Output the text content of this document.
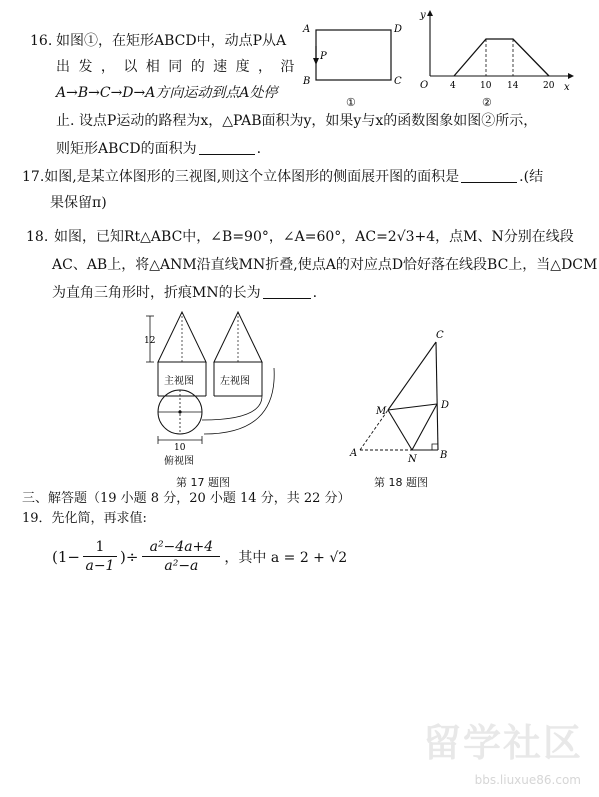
16. 如图①，在矩形ABCD中，动点P从A
出 发 ， 以 相 同 的 速 度 ， 沿
A→B→C→D→A方向运动到点A处停
止. 设点P运动的路程为x，△PAB面积为y，如果y与x的函数图象如图②所示，
则矩形ABCD的面积为	.
A
B	C
D
P
①
y
x
O 4	10 14	20
②
17.如图,是某立体图形的三视图,则这个立体图形的侧面展开图的面积是	.(结
果保留π)
18. 如图，已知Rt△ABC中，∠B=90°，∠A=60°，AC=2√3+4，点M、N分别在线段
AC、AB上，将△ANM沿直线MN折叠,使点A的对应点D恰好落在线段BC上，当△DCM
为直角三角形时，折痕MN的长为	.
12
主视图	左视图
10
俯视图
第 17 题图
C
D
M
A
N B
第 18 题图
三、解答题（19 小题 8 分，20 小题 14 分，共 22 分）
19．先化简，再求值:
(1−
1
a−1
)÷
a²−4a+4
a²−a
，其中 a = 2 + √2
留学社区
bbs.liuxue86.com
